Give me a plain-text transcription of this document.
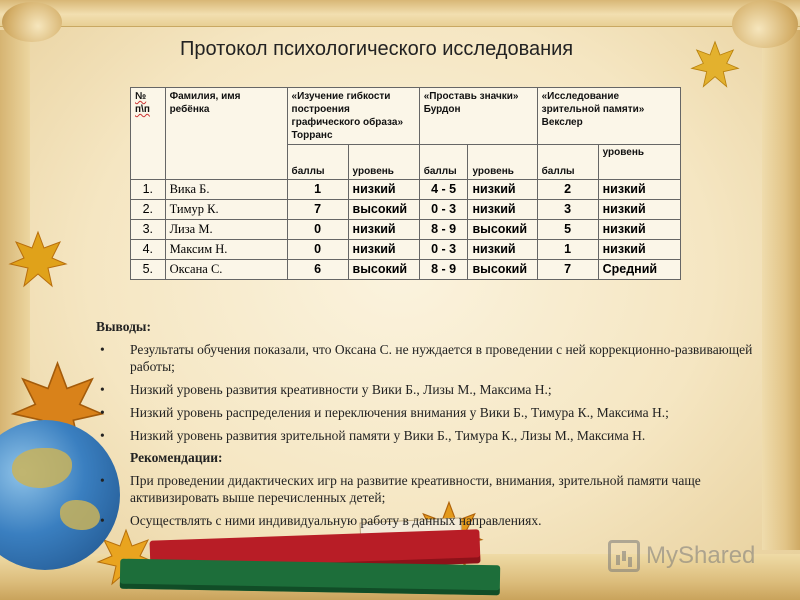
Протокол психологического исследования
№ п\п	Фамилия, имя ребёнка	«Изучение гибкости построения графического образа» Торранс		«Проставь значки» Бурдон		«Исследование зрительной памяти» Векслер	
		баллы	уровень	баллы	уровень	баллы	уровень
1.	Вика Б.	1	низкий	4 - 5	низкий	2	низкий
2.	Тимур К.	7	высокий	0 - 3	низкий	3	низкий
3.	Лиза М.	0	низкий	8 - 9	высокий	5	низкий
4.	Максим Н.	0	низкий	0 - 3	низкий	1	низкий
5.	Оксана С.	6	высокий	8 - 9	высокий	7	Средний
Выводы:
•	Результаты обучения показали, что Оксана С. не нуждается в проведении с ней коррекционно-развивающей работы;
•	Низкий уровень развития креативности у Вики Б., Лизы М., Максима Н.;
•	Низкий уровень распределения и переключения внимания у Вики Б., Тимура К., Максима Н.;
•	Низкий уровень развития зрительной памяти у Вики Б., Тимура К., Лизы М., Максима Н.
Рекомендации:
•	При проведении дидактических игр на развитие креативности, внимания, зрительной памяти чаще активизировать выше перечисленных детей;
•	Осуществлять с ними индивидуальную работу в данных направлениях.
MyShared
